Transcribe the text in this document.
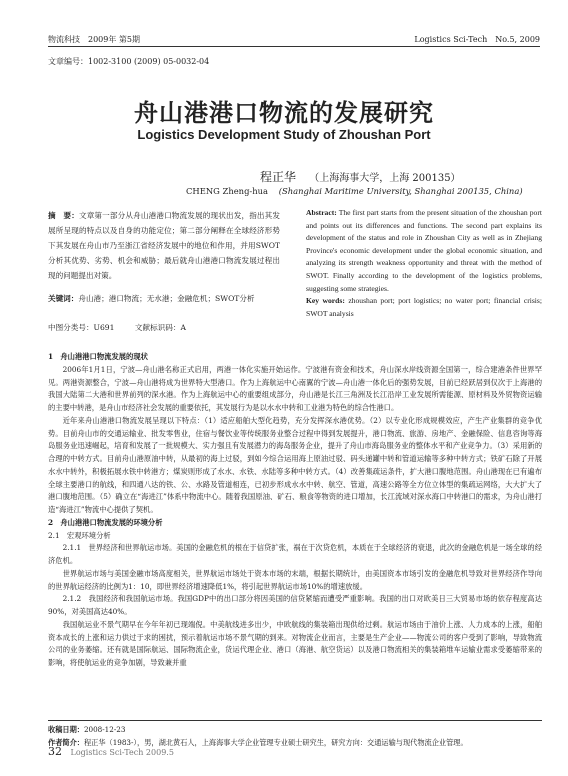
物流科技　2009年 第5期	Logistics Sci-Tech　No.5, 2009
文章编号：1002-3100 (2009) 05-0032-04
舟山港港口物流的发展研究
Logistics Development Study of Zhoushan Port
程正华 （上海海事大学，上海 200135）
CHENG Zheng-hua (Shanghai Maritime University, Shanghai 200135, China)
摘　要：文章第一部分从舟山港港口物流发展的现状出发，指出其发展所呈现的特点以及自身的功能定位；第二部分阐释在全球经济形势下其发展在舟山市乃至浙江省经济发展中的地位和作用，并用SWOT分析其优势、劣势、机会和威胁；最后就舟山港港口物流发展过程出现的问题提出对策。
关键词：舟山港；港口物流；无水港；金融危机；SWOT分析
中图分类号：U691	文献标识码：A
Abstract: The first part starts from the present situation of the zhoushan port and points out its differences and functions. The second part explains its development of the status and role in Zhoushan City as well as in Zhejiang Province's economic development under the global economic situation, and analyzing its strength weakness opportunity and threat with the method of SWOT. Finally according to the development of the logistics problems, suggesting some strategies.
Key words: zhoushan port; port logistics; no water port; financial crisis; SWOT analysis

1　舟山港港口物流发展的现状

2006年1月1日，宁波—舟山港名称正式启用，两港一体化实施开始运作。宁波港有资金和技术，舟山深水岸线资源全国第一，综合建港条件世界罕见。两港资源整合，宁波—舟山港将成为世界特大型港口。作为上海航运中心南翼的宁波—舟山港一体化后的强势发展，目前已经跃居到仅次于上海港的我国大陆第二大港和世界前列的深水港。作为上海航运中心的重要组成部分，舟山港是长江三角洲及长江沿岸工业发展所需能源、原材料及外贸物资运输的主要中转港，是舟山市经济社会发展的重要依托，其发展行为是以水水中转和工业港为特色的综合性港口。

近年来舟山港港口物流发展呈现以下特点：（1）适应船舶大型化趋势，充分发挥深水港优势。（2）以专业化形成规模效应，产生产业集群的竞争优势。目前舟山市的交通运输业、批发零售业，住宿与餐饮业等传统服务业整合过程中得到发展提升，港口物流、旅游、房地产、金融保险、信息咨询等海岛服务业迅速崛起，培育和发展了一批规模大、实力强且有发展潜力的海岛服务企业，提升了舟山市海岛服务业的整体水平和产业竞争力。（3）采用新的合理的中转方式。目前舟山港原油中转，从最初的海上过驳，到如今综合运用海上原油过驳、码头递罐中转和管道运输等多种中转方式；铁矿石除了开展水水中转外，积极拓展水铁中转港方；煤炭则形成了水水、水铁、水陆等多种中转方式。（4）改善集疏运条件，扩大港口腹地范围。舟山港现在已有遍布全球主要港口的航线，和四通八达的铁、公、水路及管道相连，已初步形成水水中转、航空、管道，高速公路等全方位立体型的集疏运网络，大大扩大了港口腹地范围。（5）确立在“海进江”体系中物流中心。随着我国原油、矿石、粮食等物资的进口增加，长江流域对深水海口中转港口的需求，为舟山港打造“海进江”物流中心提供了契机。

2　舟山港港口物流发展的环境分析

2.1　宏观环境分析

2.1.1　世界经济和世界航运市场。美国的金融危机的根在于信贷扩张，祸在于次贷危机，本质在于全球经济的衰退，此次的金融危机是一场全球的经济危机。

世界航运市场与美国金融市场高度相关，世界航运市场处于资本市场的末端，根据长期统计，由美国资本市场引发的金融危机导致对世界经济作导向的世界航运经济的比例为1：10，即世界经济增速降低1%，将引起世界航运市场10%的增速放缓。

2.1.2　我国经济和我国航运市场。我国GDP中的出口部分将因美国的信贷紧缩而遭受严重影响。我国的出口对欧美日三大贸易市场的依存程度高达90%，对美国高达40%。

我国航运业不景气期早在今年年初已现端倪。中美航线进多出少，中欧航线的集装箱出现供给过剩。航运市场由于油价上涨、人力成本的上涨，船舶资本成长的上涨和运力供过于求的困扰，预示着航运市场不景气期的到来。对物流企业而言，主要是生产企业——物流公司的客户受到了影响，导致物流公司的业务萎缩。还有就是国际航运、国际物流企业，货运代理企业、港口（海港、航空货运）以及港口物流相关的集装箱堆车运输业需求受萎缩带来的影响，将使航运业的竞争加剧，导致兼并重

收稿日期：2008-12-23
作者简介：程正华（1983-），男，湖北黄石人，上海海事大学企业管理专业硕士研究生，研究方向：交通运输与现代物流企业管理。
32 Logistics Sci-Tech 2009.5
